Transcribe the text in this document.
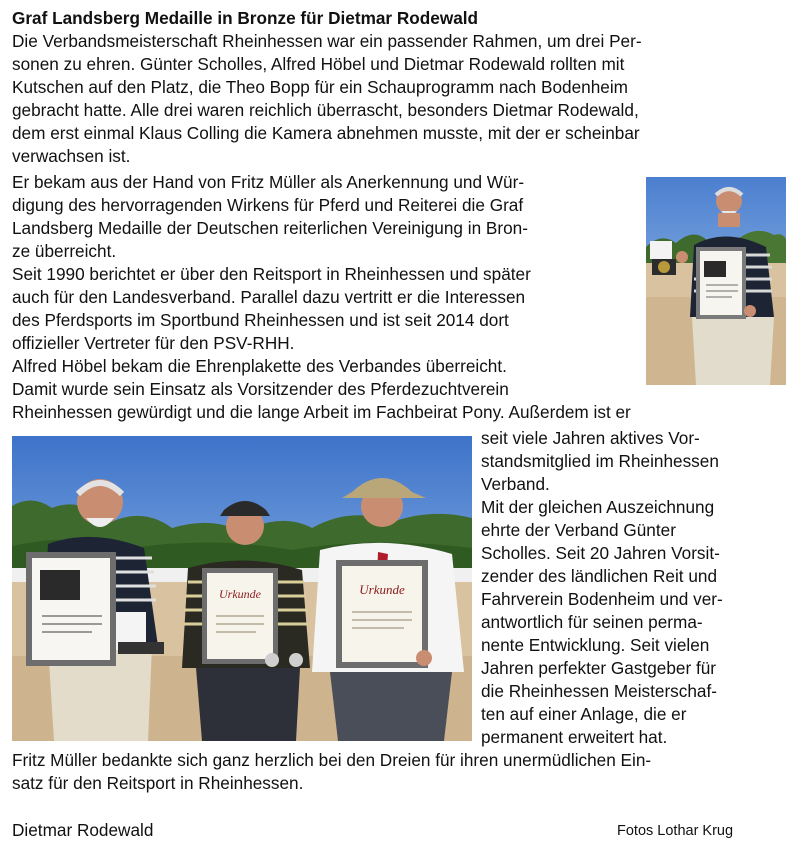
Graf Landsberg Medaille in Bronze für Dietmar Rodewald
Die Verbandsmeisterschaft Rheinhessen war ein passender Rahmen, um drei Per-
sonen zu ehren. Günter Scholles, Alfred Höbel und Dietmar Rodewald rollten mit
Kutschen auf den Platz, die Theo Bopp für ein Schauprogramm nach Bodenheim
gebracht hatte. Alle drei waren reichlich überrascht, besonders Dietmar Rodewald,
dem erst einmal Klaus Colling die Kamera abnehmen musste, mit der er scheinbar
verwachsen ist.
Er bekam aus der Hand von Fritz Müller als Anerkennung und Wür-
digung des hervorragenden Wirkens für Pferd und Reiterei die Graf
Landsberg Medaille der Deutschen reiterlichen Vereinigung in Bron-
ze überreicht.
Seit 1990 berichtet er über den Reitsport in Rheinhessen und später
auch für den Landesverband. Parallel dazu vertritt er die Interessen
des Pferdsports im Sportbund Rheinhessen und ist seit 2014 dort
offizieller Vertreter für den PSV-RHH.
Alfred Höbel bekam die Ehrenplakette des Verbandes überreicht.
Damit wurde sein Einsatz als Vorsitzender des Pferdezuchtverein
Rheinhessen gewürdigt und die lange Arbeit im Fachbeirat Pony. Außerdem ist er
seit viele Jahren aktives Vor-
standsmitglied im Rheinhessen
Verband.
Mit der gleichen Auszeichnung
ehrte der Verband Günter
Scholles. Seit 20 Jahren Vorsit-
zender des ländlichen Reit und
Fahrverein Bodenheim und ver-
antwortlich für seinen perma-
nente Entwicklung. Seit vielen
Jahren perfekter Gastgeber für
die Rheinhessen Meisterschaf-
ten auf einer Anlage, die er
permanent erweitert hat.
Fritz Müller bedankte sich ganz herzlich bei den Dreien für ihren unermüdlichen Ein-
satz für den Reitsport in Rheinhessen.
Urkunde	Urkunde
Dietmar Rodewald	Fotos Lothar Krug
